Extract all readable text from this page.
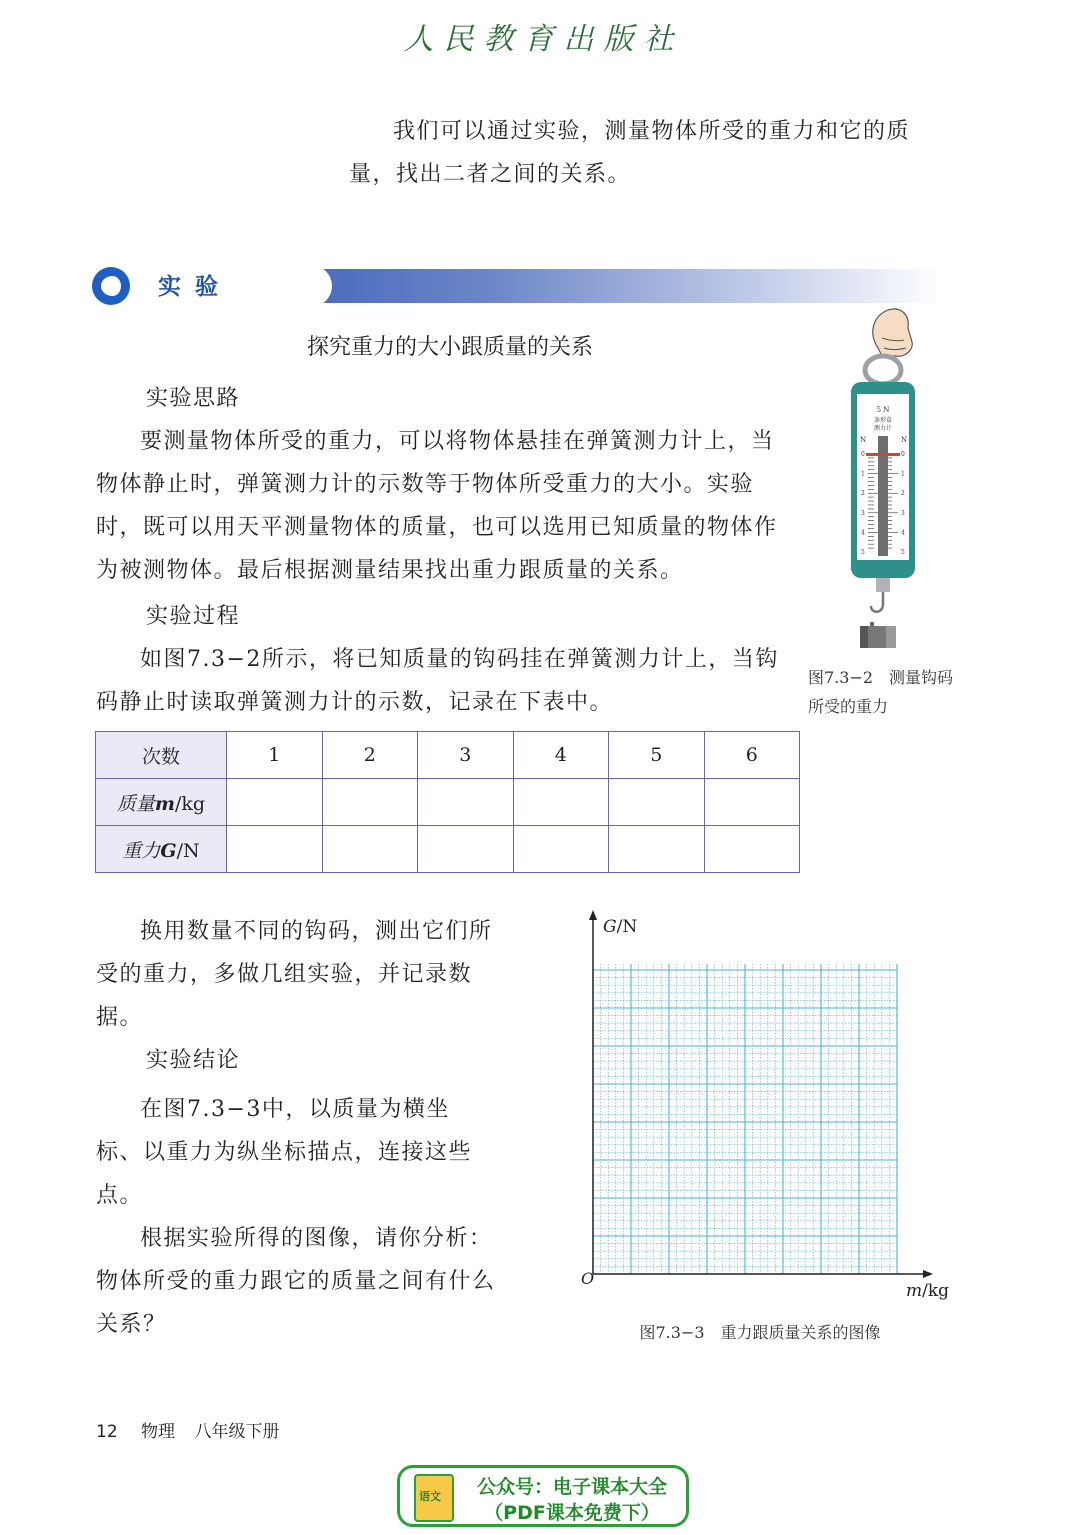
人民教育出版社
我们可以通过实验，测量物体所受的重力和它的质
量，找出二者之间的关系。
实验
探究重力的大小跟质量的关系
实验思路
要测量物体所受的重力，可以将物体悬挂在弹簧测力计上，当物体静止时，弹簧测力计的示数等于物体所受重力的大小。实验时，既可以用天平测量物体的质量，也可以选用已知质量的物体作为被测物体。最后根据测量结果找出重力跟质量的关系。
实验过程
如图7.3−2所示，将已知质量的钩码挂在弹簧测力计上，当钩码静止时读取弹簧测力计的示数，记录在下表中。
5 N
条形盒
测力计
N	N
0	0
1	1
2	2
3	3
4	4
5	5
图7.3−2　测量钩码所受的重力
次数	1	2	3	4	5	6
质量m/kg						
重力G/N						
换用数量不同的钩码，测出它们所受的重力，多做几组实验，并记录数据。
实验结论
在图7.3−3中，以质量为横坐标、以重力为纵坐标描点，连接这些点。
根据实验所得的图像，请你分析：物体所受的重力跟它的质量之间有什么关系？
G/N
m/kg
O
图7.3−3　重力跟质量关系的图像
12 物理 八年级下册
语文	公众号：电子课本大全
（PDF课本免费下）
